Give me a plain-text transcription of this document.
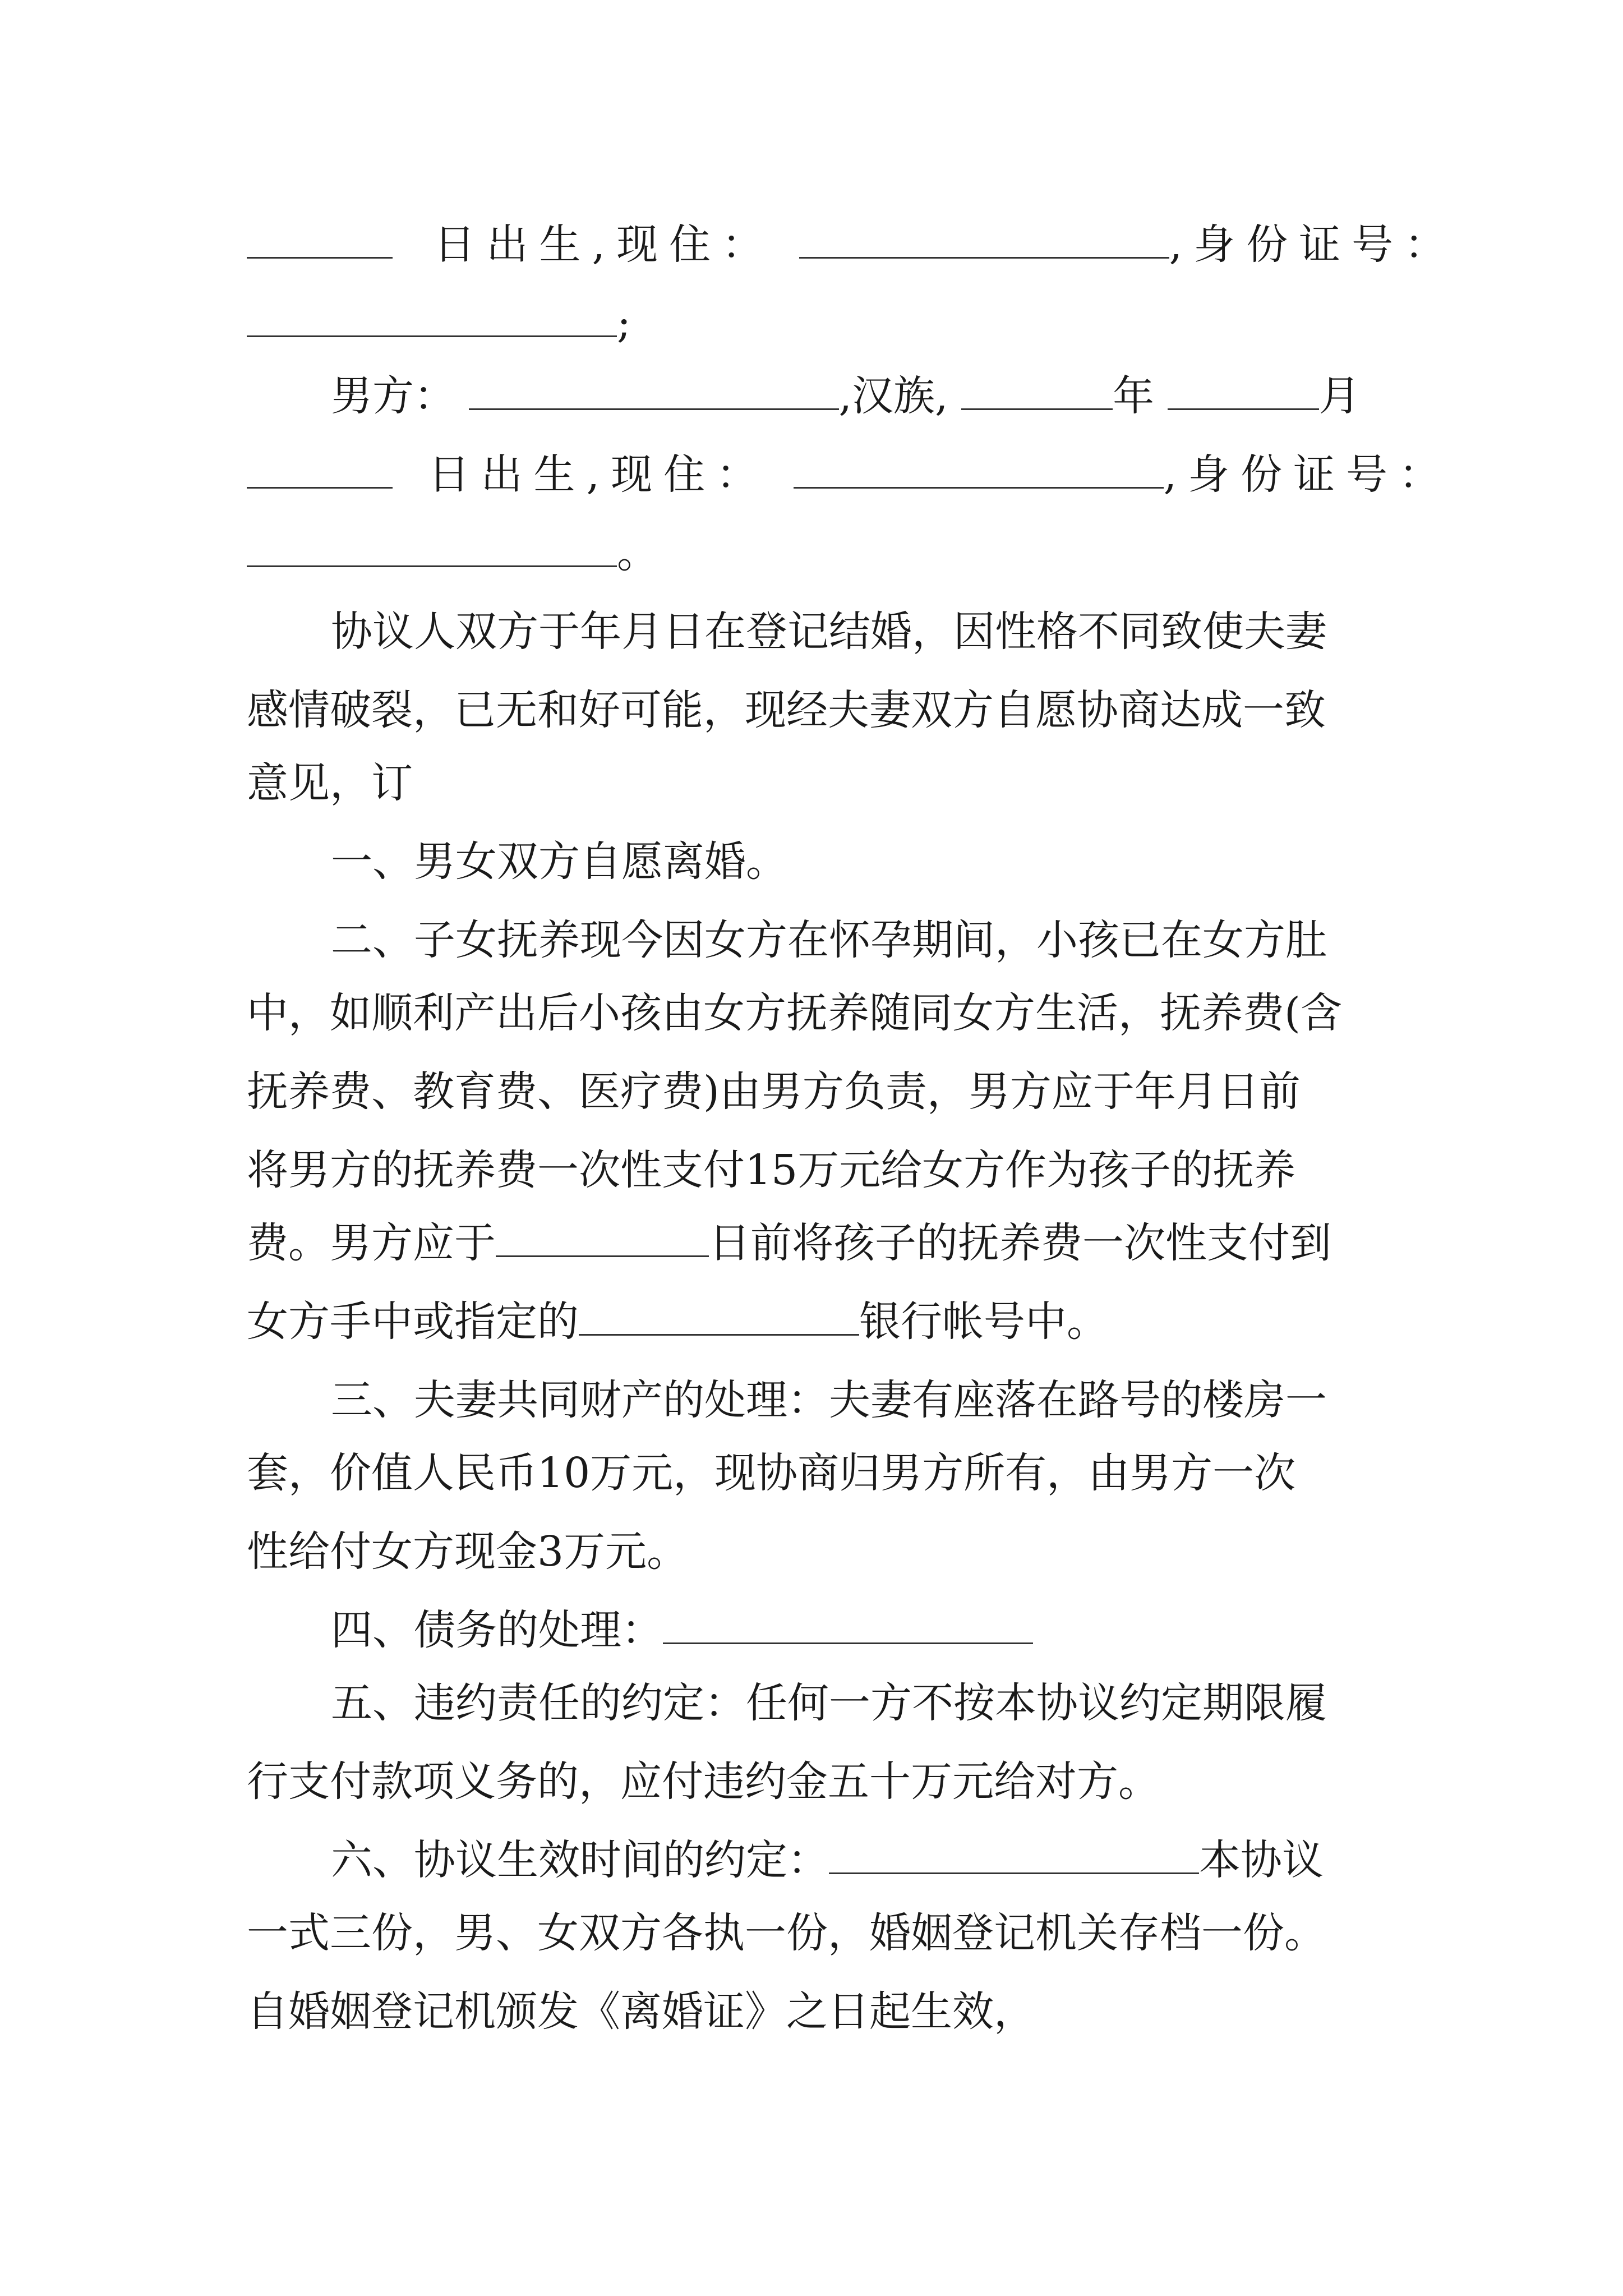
日出生,现住：	,身份证号：
;
男方：	,汉族,	年	月
日出生,现住：	,身份证号：
。
协议人双方于年月日在登记结婚，因性格不同致使夫妻
感情破裂，已无和好可能，现经夫妻双方自愿协商达成一致
意见，订
一、男女双方自愿离婚。
二、子女抚养现今因女方在怀孕期间，小孩已在女方肚
中，如顺利产出后小孩由女方抚养随同女方生活，抚养费(含
抚养费、教育费、医疗费)由男方负责，男方应于年月日前
将男方的抚养费一次性支付15万元给女方作为孩子的抚养
费。男方应于	日前将孩子的抚养费一次性支付到
女方手中或指定的	银行帐号中。
三、夫妻共同财产的处理：夫妻有座落在路号的楼房一
套，价值人民币10万元，现协商归男方所有，由男方一次
性给付女方现金3万元。
四、债务的处理：
五、违约责任的约定：任何一方不按本协议约定期限履
行支付款项义务的，应付违约金五十万元给对方。
六、协议生效时间的约定：	本协议
一式三份，男、女双方各执一份，婚姻登记机关存档一份。
自婚姻登记机颁发《离婚证》之日起生效，
